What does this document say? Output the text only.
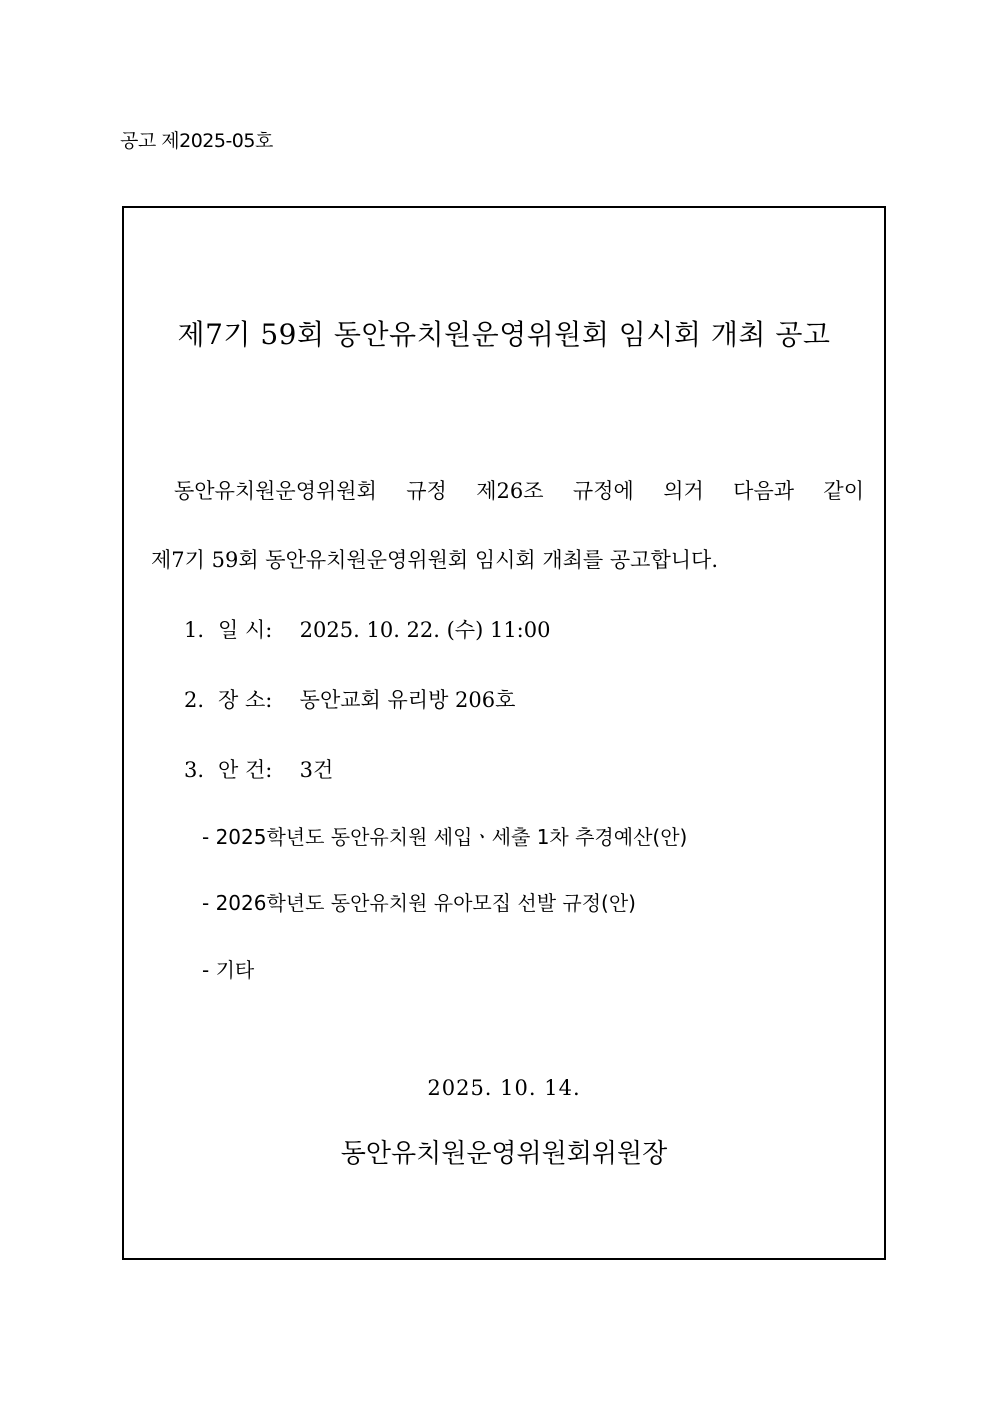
공고 제2025-05호
제7기 59회 동안유치원운영위원회 임시회 개최 공고
동안유치원운영위원회 규정 제26조 규정에 의거 다음과 같이
제7기 59회 동안유치원운영위원회 임시회 개최를 공고합니다.
1. 일 시: 2025. 10. 22. (수) 11:00
2. 장 소: 동안교회 유리방 206호
3. 안 건: 3건
- 2025학년도 동안유치원 세입ㆍ세출 1차 추경예산(안)
- 2026학년도 동안유치원 유아모집 선발 규정(안)
- 기타
2025. 10. 14.
동안유치원운영위원회위원장
